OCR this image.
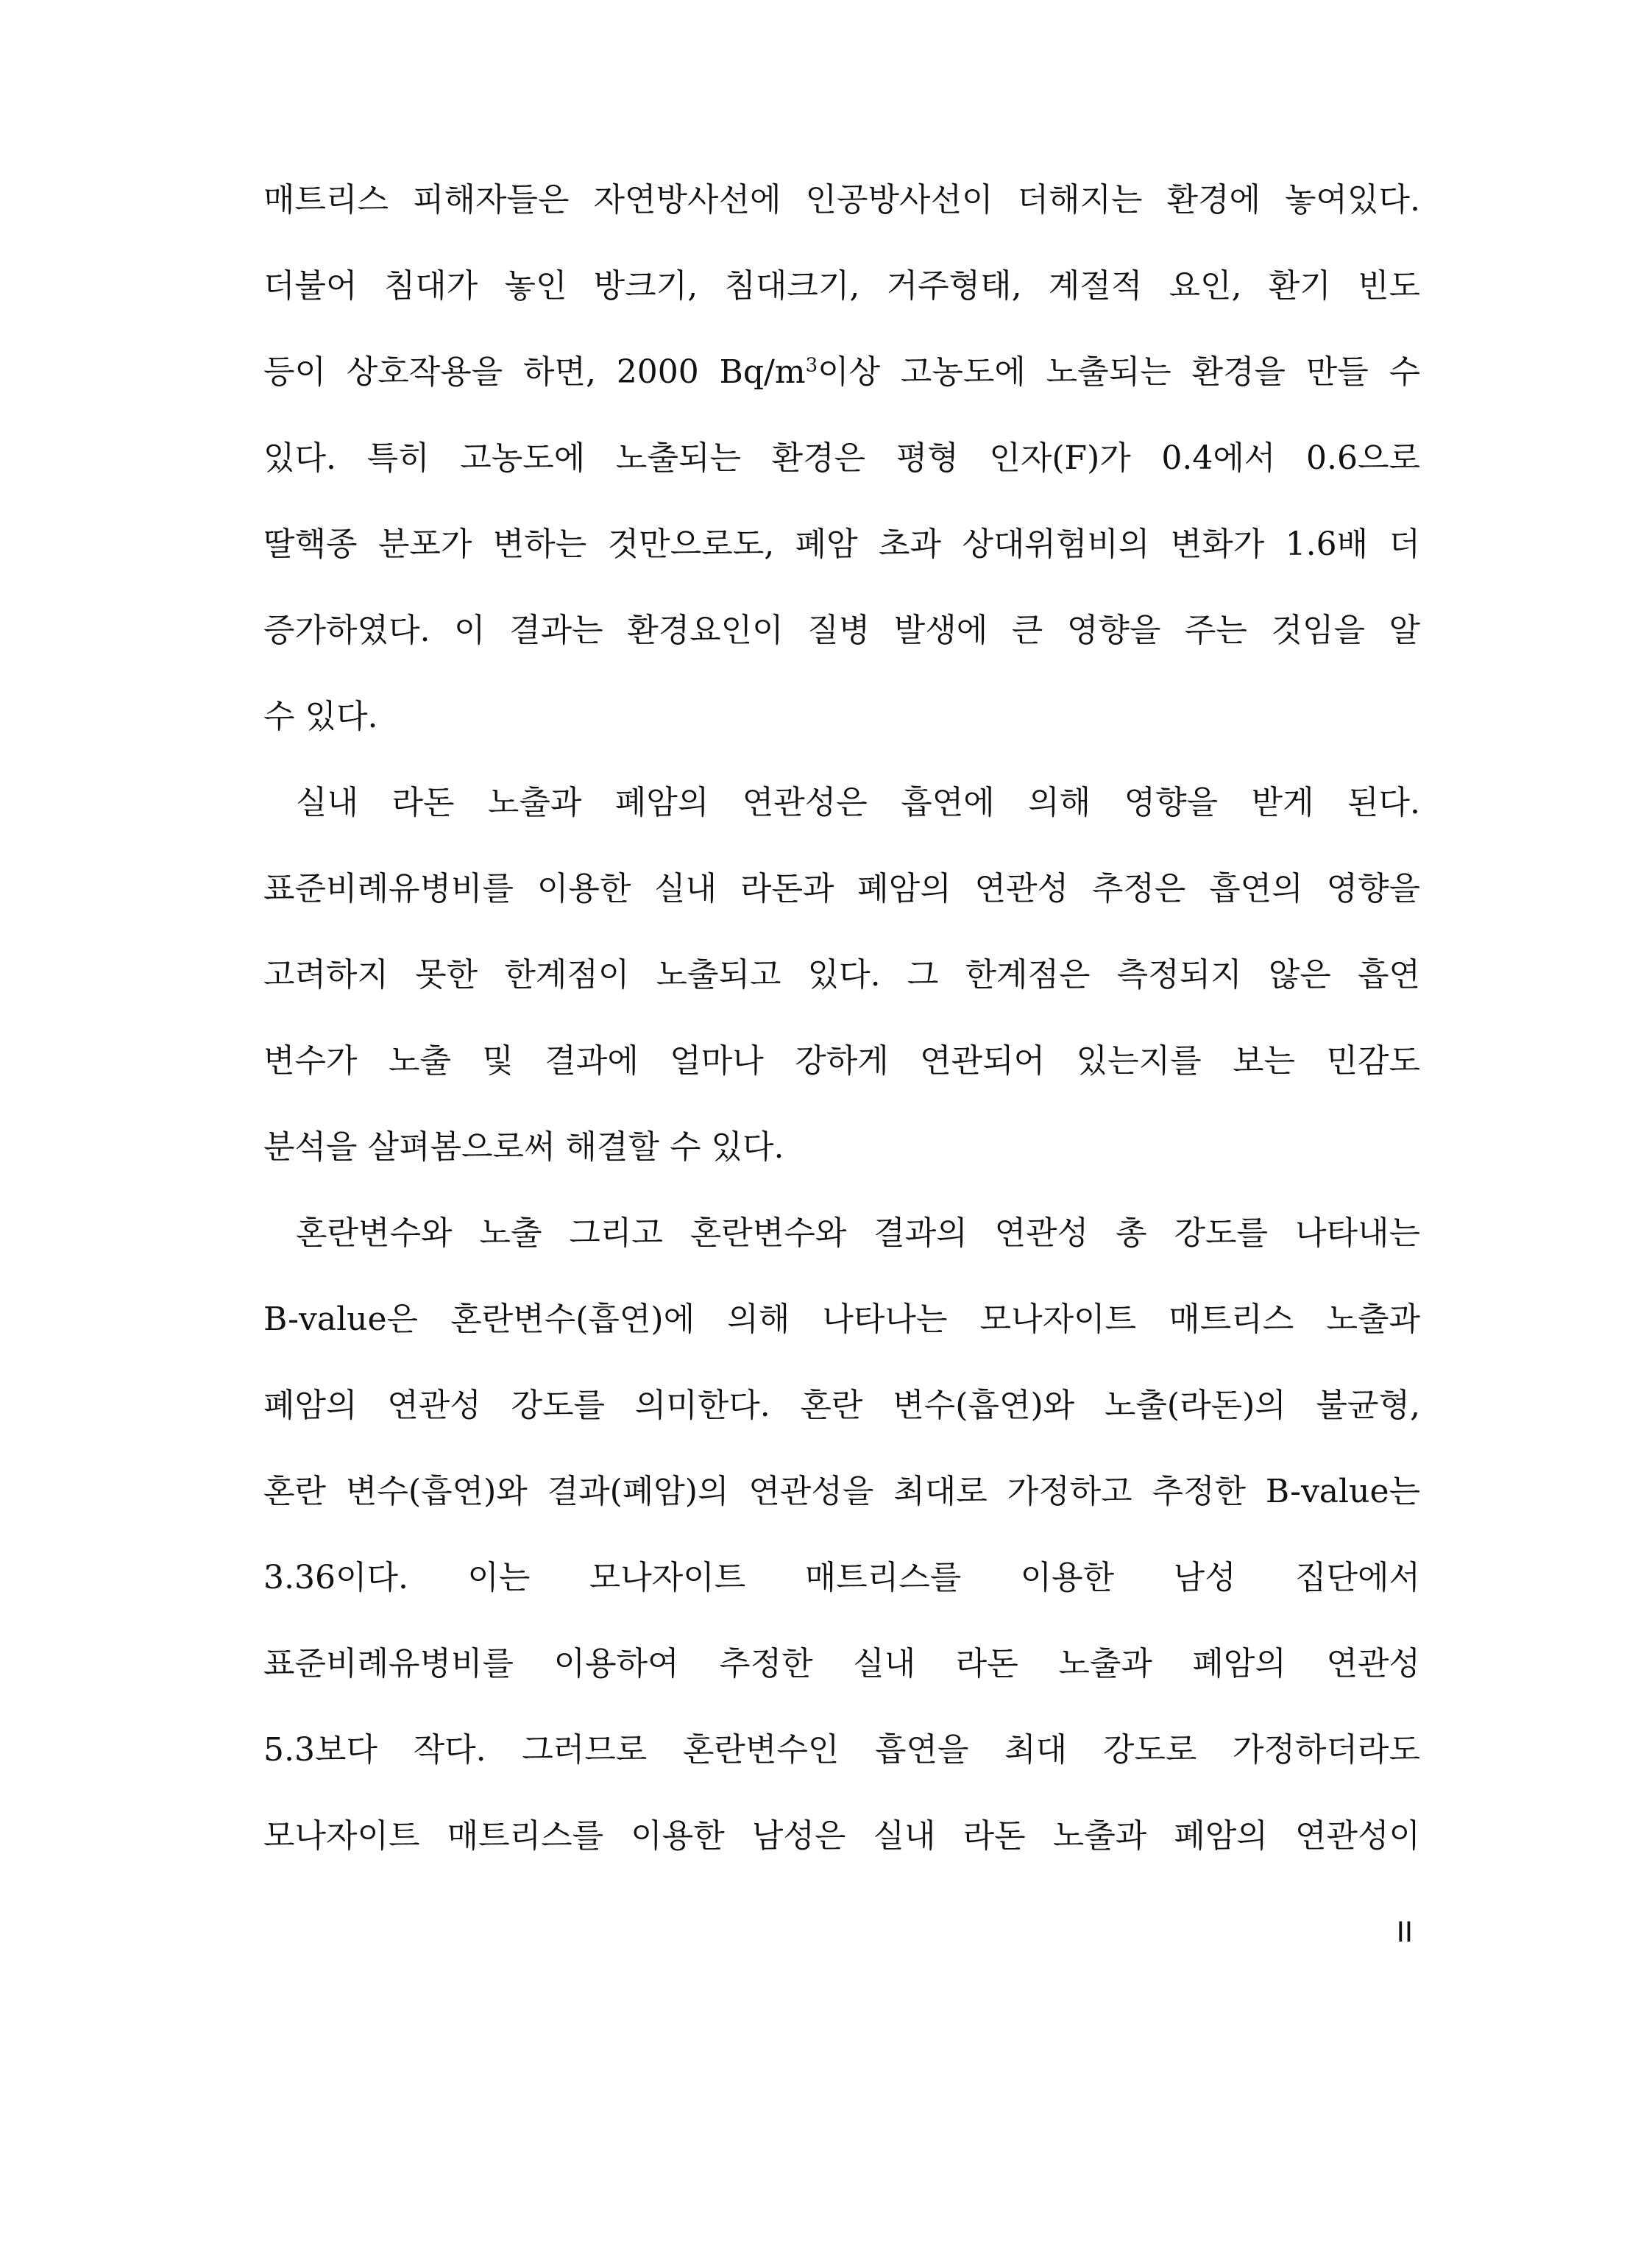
매트리스 피해자들은 자연방사선에 인공방사선이 더해지는 환경에 놓여있다.
더불어 침대가 놓인 방크기, 침대크기, 거주형태, 계절적 요인, 환기 빈도
등이 상호작용을 하면, 2000 $Bq/m^3$이상 고농도에 노출되는 환경을 만들 수
있다. 특히 고농도에 노출되는 환경은 평형 인자(F)가 0.4에서 0.6으로
딸핵종 분포가 변하는 것만으로도, 폐암 초과 상대위험비의 변화가 1.6배 더
증가하였다. 이 결과는 환경요인이 질병 발생에 큰 영향을 주는 것임을 알
수 있다.
실내 라돈 노출과 폐암의 연관성은 흡연에 의해 영향을 받게 된다.
표준비례유병비를 이용한 실내 라돈과 폐암의 연관성 추정은 흡연의 영향을
고려하지 못한 한계점이 노출되고 있다. 그 한계점은 측정되지 않은 흡연
변수가 노출 및 결과에 얼마나 강하게 연관되어 있는지를 보는 민감도
분석을 살펴봄으로써 해결할 수 있다.
혼란변수와 노출 그리고 혼란변수와 결과의 연관성 총 강도를 나타내는
B-value은 혼란변수(흡연)에 의해 나타나는 모나자이트 매트리스 노출과
폐암의 연관성 강도를 의미한다. 혼란 변수(흡연)와 노출(라돈)의 불균형,
혼란 변수(흡연)와 결과(폐암)의 연관성을 최대로 가정하고 추정한 B-value는
3.36이다. 이는 모나자이트 매트리스를 이용한 남성 집단에서
표준비례유병비를 이용하여 추정한 실내 라돈 노출과 폐암의 연관성
5.3보다 작다. 그러므로 혼란변수인 흡연을 최대 강도로 가정하더라도
모나자이트 매트리스를 이용한 남성은 실내 라돈 노출과 폐암의 연관성이
II
